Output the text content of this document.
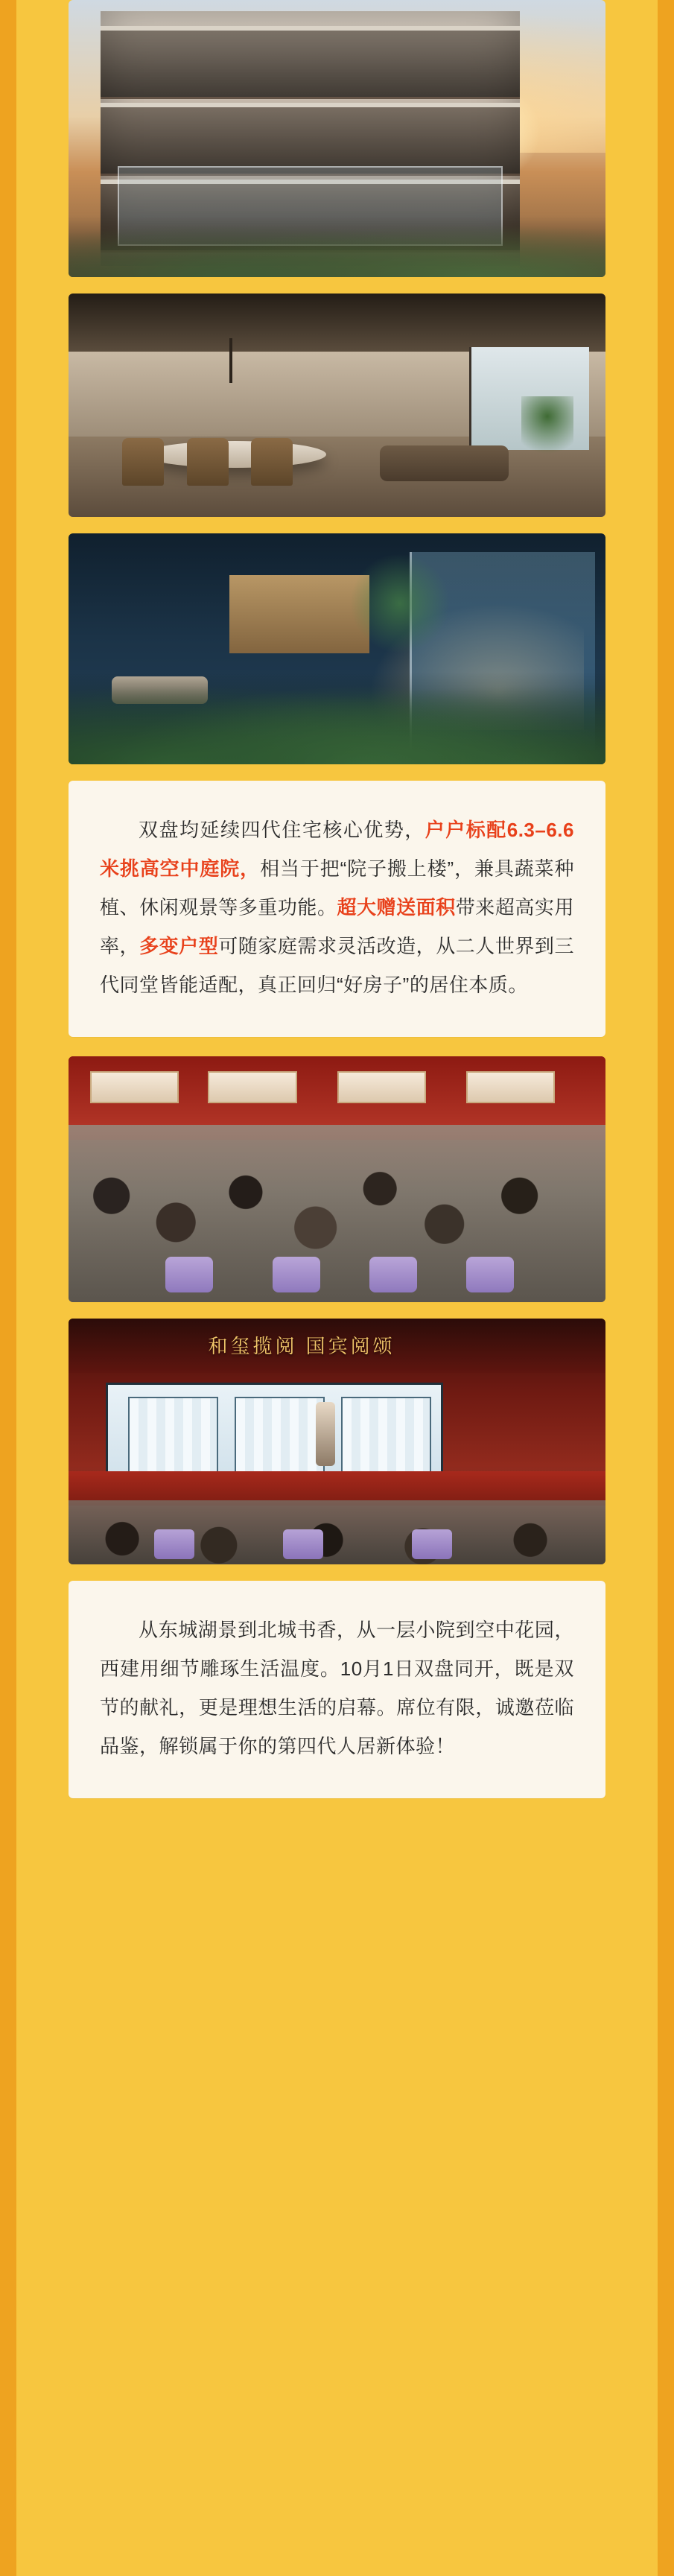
双盘均延续四代住宅核心优势，户户标配6.3–6.6米挑高空中庭院，相当于把“院子搬上楼”，兼具蔬菜种植、休闲观景等多重功能。超大赠送面积带来超高实用率，多变户型可随家庭需求灵活改造，从二人世界到三代同堂皆能适配，真正回归“好房子”的居住本质。

和玺揽阅 国宾阅颂

从东城湖景到北城书香，从一层小院到空中花园，西建用细节雕琢生活温度。10月1日双盘同开，既是双节的献礼，更是理想生活的启幕。席位有限，诚邀莅临品鉴，解锁属于你的第四代人居新体验！
